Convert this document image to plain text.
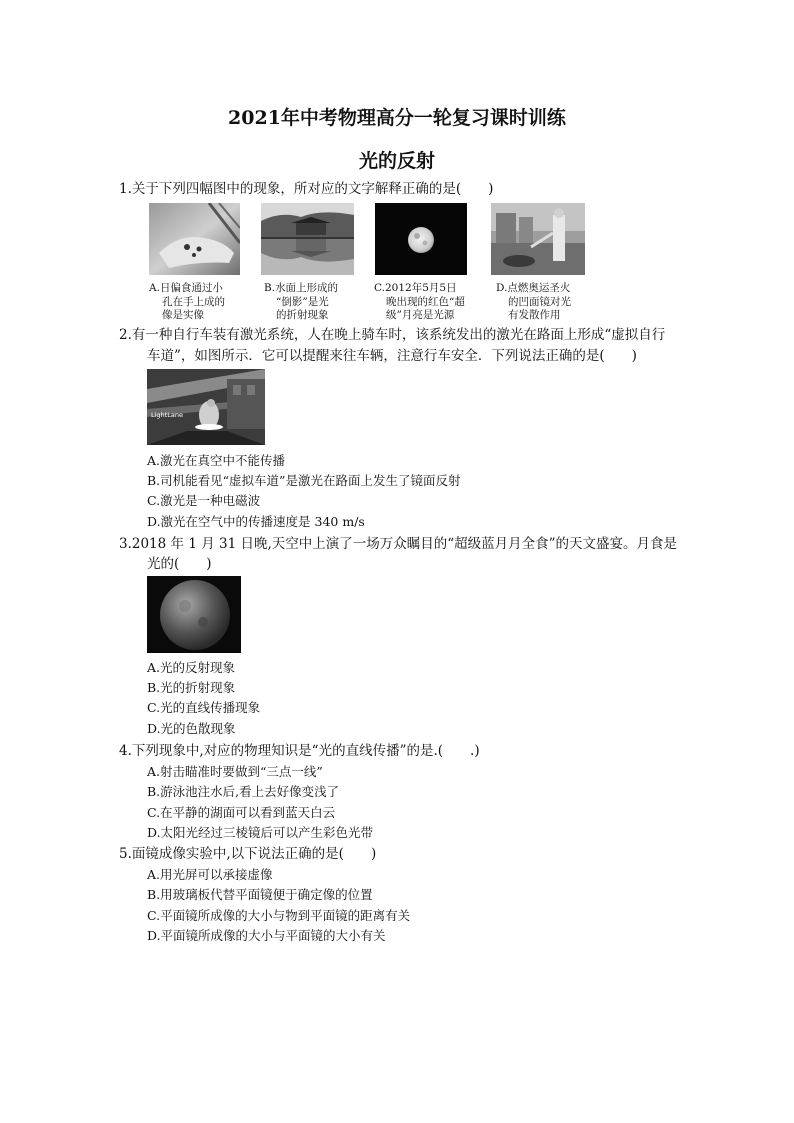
2021年中考物理高分一轮复习课时训练
光的反射
1.关于下列四幅图中的现象，所对应的文字解释正确的是(　　)
A.日偏食通过小
孔在手上成的
像是实像
B.水面上形成的
“倒影”是光
的折射现象
C.2012年5月5日
晚出现的红色“超
级”月亮是光源
D.点燃奥运圣火
的凹面镜对光
有发散作用
2.有一种自行车装有激光系统，人在晚上骑车时，该系统发出的激光在路面上形成“虚拟自行
车道”，如图所示．它可以提醒来往车辆，注意行车安全．下列说法正确的是(　　)
LightLane
A.激光在真空中不能传播
B.司机能看见“虚拟车道”是激光在路面上发生了镜面反射
C.激光是一种电磁波
D.激光在空气中的传播速度是 340 m/s
3.2018 年 1 月 31 日晚,天空中上演了一场万众瞩目的“超级蓝月月全食”的天文盛宴。月食是
光的(　　)
A.光的反射现象
B.光的折射现象
C.光的直线传播现象
D.光的色散现象
4.下列现象中,对应的物理知识是“光的直线传播”的是.(　　.)
A.射击瞄准时要做到“三点一线”
B.游泳池注水后,看上去好像变浅了
C.在平静的湖面可以看到蓝天白云
D.太阳光经过三棱镜后可以产生彩色光带
5.面镜成像实验中,以下说法正确的是(　　)
A.用光屏可以承接虚像
B.用玻璃板代替平面镜便于确定像的位置
C.平面镜所成像的大小与物到平面镜的距离有关
D.平面镜所成像的大小与平面镜的大小有关
